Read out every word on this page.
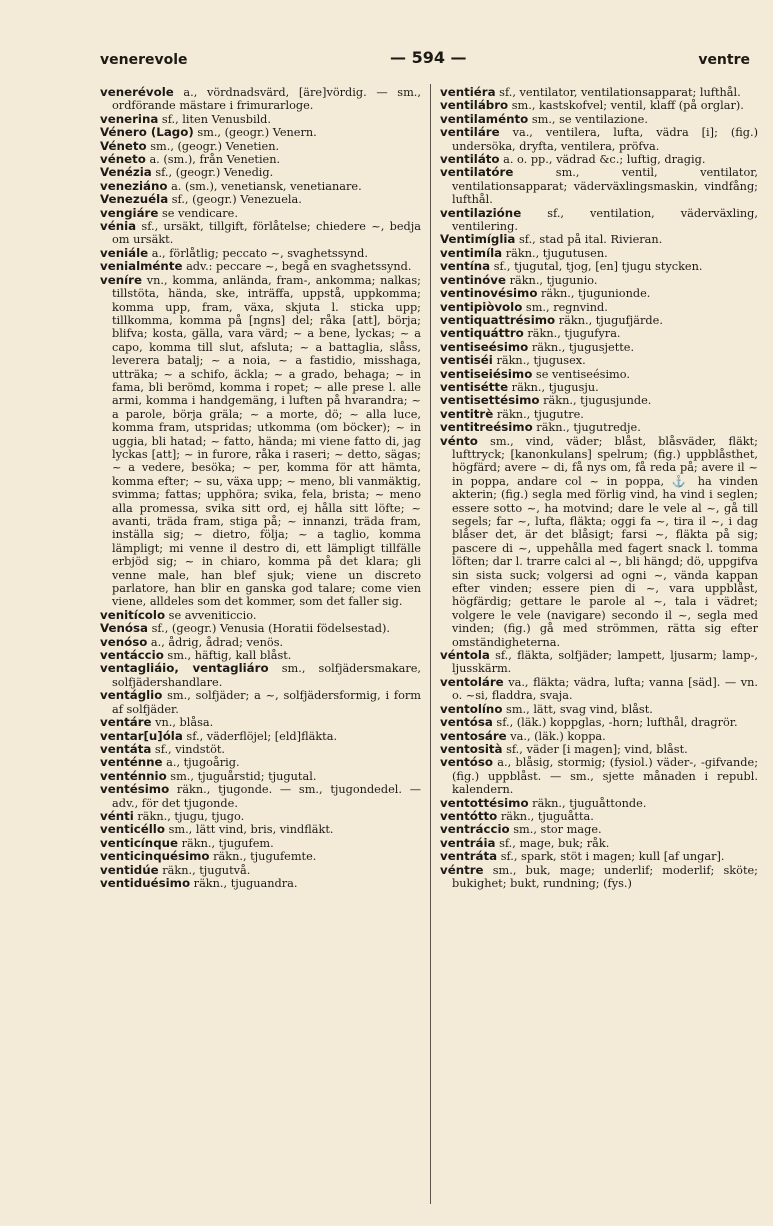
venerevole	— 594 —	ventre

venerévole a., vördnadsvärd, [äre]vördig. — sm., ordförande mästare i frimurarloge.

venerina sf., liten Venusbild.

Vénero (Lago) sm., (geogr.) Venern.

Véneto sm., (geogr.) Venetien.

véneto a. (sm.), från Venetien.

Venézia sf., (geogr.) Venedig.

veneziáno a. (sm.), venetiansk, venetianare.

Venezuéla sf., (geogr.) Venezuela.

vengiáre se vendicare.

vénia sf., ursäkt, tillgift, förlåtelse; chiedere ~, bedja om ursäkt.

veniále a., förlåtlig; peccato ~, svaghetssynd.

venialménte adv.: peccare ~, begå en svaghetssynd.

veníre vn., komma, anlända, fram-, ankomma; nalkas; tillstöta, hända, ske, inträffa, uppstå, uppkomma; komma upp, fram, växa, skjuta l. sticka upp; tillkomma, komma på [ngns] del; råka [att], börja; blifva; kosta, gälla, vara värd; ~ a bene, lyckas; ~ a capo, komma till slut, afsluta; ~ a battaglia, slåss, leverera batalj; ~ a noia, ~ a fastidio, misshaga, utträka; ~ a schifo, äckla; ~ a grado, behaga; ~ in fama, bli berömd, komma i ropet; ~ alle prese l. alle armi, komma i handgemäng, i luften på hvarandra; ~ a parole, börja gräla; ~ a morte, dö; ~ alla luce, komma fram, utspridas; utkomma (om böcker); ~ in uggia, bli hatad; ~ fatto, hända; mi viene fatto di, jag lyckas [att]; ~ in furore, råka i raseri; ~ detto, sägas; ~ a vedere, besöka; ~ per, komma för att hämta, komma efter; ~ su, växa upp; ~ meno, bli vanmäktig, svimma; fattas; upphöra; svika, fela, brista; ~ meno alla promessa, svika sitt ord, ej hålla sitt löfte; ~ avanti, träda fram, stiga på; ~ innanzi, träda fram, inställa sig; ~ dietro, följa; ~ a taglio, komma lämpligt; mi venne il destro di, ett lämpligt tillfälle erbjöd sig; ~ in chiaro, komma på det klara; gli venne male, han blef sjuk; viene un discreto parlatore, han blir en ganska god talare; come vien viene, alldeles som det kommer, som det faller sig.

venitícolo se avveniticcio.

Venósa sf., (geogr.) Venusia (Horatii födelsestad).

venóso a., ådrig, ådrad; venös.

ventáccio sm., häftig, kall blåst.

ventagliáio, ventagliáro sm., solfjädersmakare, solfjädershandlare.

ventáglio sm., solfjäder; a ~, solfjädersformig, i form af solfjäder.

ventáre vn., blåsa.

ventar[u]óla sf., väderflöjel; [eld]fläkta.

ventáta sf., vindstöt.

venténne a., tjugoårig.

venténnio sm., tjuguårstid; tjugutal.

ventésimo räkn., tjugonde. — sm., tjugondedel. — adv., för det tjugonde.

vénti räkn., tjugu, tjugo.

venticéllo sm., lätt vind, bris, vindfläkt.

venticínque räkn., tjugufem.

venticinquésimo räkn., tjugufemte.

ventidúe räkn., tjugutvå.

ventiduésimo räkn., tjuguandra.

ventiéra sf., ventilator, ventilationsapparat; lufthål.

ventilábro sm., kastskofvel; ventil, klaff (på orglar).

ventilaménto sm., se ventilazione.

ventiláre va., ventilera, lufta, vädra [i]; (fig.) undersöka, dryfta, ventilera, pröfva.

ventiláto a. o. pp., vädrad &c.; luftig, dragig.

ventilatóre	sm., ventil, ventilator, ventilationsapparat; väderväxlingsmaskin, vindfång; lufthål.

ventilazióne sf., ventilation, väderväxling, ventilering.

Ventimíglia sf., stad på ital. Rivieran.

ventimíla räkn., tjugutusen.

ventína sf., tjugutal, tjog, [en] tjugu stycken.

ventinóve räkn., tjugunio.

ventinovésimo räkn., tjugunionde.

ventipiòvolo sm., regnvind.

ventiquattrésimo räkn., tjugufjärde.

ventiquáttro räkn., tjugufyra.

ventiseésimo räkn., tjugusjette.

ventiséi räkn., tjugusex.

ventiseiésimo se ventiseésimo.

ventisétte räkn., tjugusju.

ventisettésimo räkn., tjugusjunde.

ventitrè räkn., tjugutre.

ventitreésimo räkn., tjugutredje.

vénto sm., vind, väder; blåst, blåsväder, fläkt; lufttryck; [kanonkulans] spelrum; (fig.) uppblåsthet, högfärd; avere ~ di, få nys om, få reda på; avere il ~ in poppa, andare col ~ in poppa, ⚓ ha vinden akterin; (fig.) segla med förlig vind, ha vind i seglen; essere sotto ~, ha motvind; dare le vele al ~, gå till segels; far ~, lufta, fläkta; oggi fa ~, tira il ~, i dag blåser det, är det blåsigt; farsi ~, fläkta på sig; pascere di ~, uppehålla med fagert snack l. tomma löften; dar l. trarre calci al ~, bli hängd; dö, uppgifva sin sista suck; volgersi ad ogni ~, vända kappan efter vinden; essere pien di ~, vara uppblåst, högfärdig; gettare le parole al ~, tala i vädret; volgere le vele (navigare) secondo il ~, segla med vinden; (fig.) gå med strömmen, rätta sig efter omständigheterna.

véntola sf., fläkta, solfjäder; lampett, ljusarm; lamp-, ljusskärm.

ventoláre va., fläkta; vädra, lufta; vanna [säd]. — vn. o. ~si, fladdra, svaja.

ventolíno sm., lätt, svag vind, blåst.

ventósa sf., (läk.) koppglas, -horn; lufthål, dragrör.

ventosáre va., (läk.) koppa.

ventosità sf., väder [i magen]; vind, blåst.

ventóso a., blåsig, stormig; (fysiol.) väder-, -gifvande; (fig.) uppblåst. — sm., sjette månaden i republ. kalendern.

ventottésimo räkn., tjuguåttonde.

ventótto räkn., tjuguåtta.

ventráccio sm., stor mage.

ventráia sf., mage, buk; råk.

ventráta sf., spark, stöt i magen; kull [af ungar].

véntre sm., buk, mage; underlif; moderlif; sköte; bukighet; bukt, rundning; (fys.)
